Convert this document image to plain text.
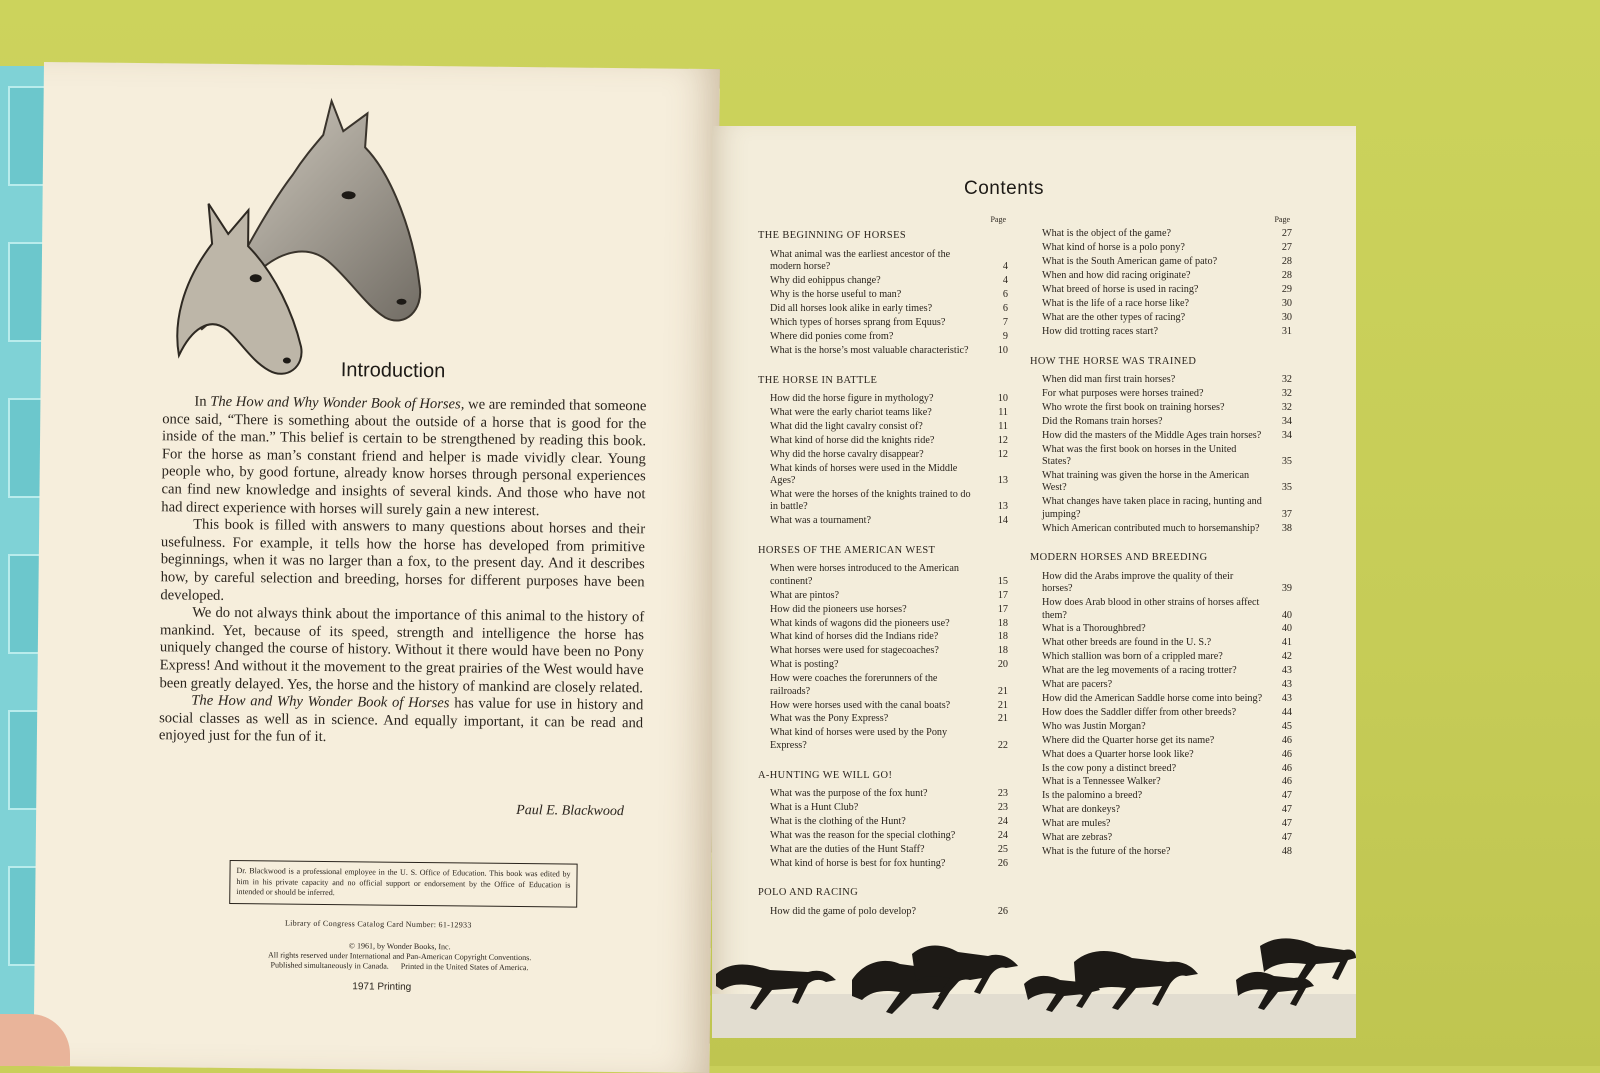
Introduction

In The How and Why Wonder Book of Horses, we are reminded that someone once said, “There is something about the outside of a horse that is good for the inside of the man.” This belief is certain to be strengthened by reading this book. For the horse as man’s constant friend and helper is made vividly clear. Young people who, by good fortune, already know horses through personal experiences can find new knowledge and insights of several kinds. And those who have not had direct experience with horses will surely gain a new interest.

This book is filled with answers to many questions about horses and their usefulness. For example, it tells how the horse has developed from primitive beginnings, when it was no larger than a fox, to the present day. And it describes how, by careful selection and breeding, horses for different purposes have been developed.

We do not always think about the importance of this animal to the history of mankind. Yet, because of its speed, strength and intelligence the horse has uniquely changed the course of history. Without it there would have been no Pony Express! And without it the movement to the great prairies of the West would have been greatly delayed. Yes, the horse and the history of mankind are closely related.

The How and Why Wonder Book of Horses has value for use in history and social classes as well as in science. And equally important, it can be read and enjoyed just for the fun of it.

Paul E. Blackwood
Dr. Blackwood is a professional employee in the U. S. Office of Education. This book was edited by him in his private capacity and no official support or endorsement by the Office of Education is intended or should be inferred.
Library of Congress Catalog Card Number: 61-12933
© 1961, by Wonder Books, Inc.
All rights reserved under International and Pan-American Copyright Conventions.
Published simultaneously in Canada.      Printed in the United States of America.
1971 Printing
Contents
Page
THE BEGINNING OF HORSES
What animal was the earliest ancestor of the modern horse?	4
Why did eohippus change?	4
Why is the horse useful to man?	6
Did all horses look alike in early times?	6
Which types of horses sprang from Equus?	7
Where did ponies come from?	9
What is the horse’s most valuable characteristic?	10
THE HORSE IN BATTLE
How did the horse figure in mythology?	10
What were the early chariot teams like?	11
What did the light cavalry consist of?	11
What kind of horse did the knights ride?	12
Why did the horse cavalry disappear?	12
What kinds of horses were used in the Middle Ages?	13
What were the horses of the knights trained to do in battle?	13
What was a tournament?	14
HORSES OF THE AMERICAN WEST
When were horses introduced to the American continent?	15
What are pintos?	17
How did the pioneers use horses?	17
What kinds of wagons did the pioneers use?	18
What kind of horses did the Indians ride?	18
What horses were used for stagecoaches?	18
What is posting?	20
How were coaches the forerunners of the railroads?	21
How were horses used with the canal boats?	21
What was the Pony Express?	21
What kind of horses were used by the Pony Express?	22
A-HUNTING WE WILL GO!
What was the purpose of the fox hunt?	23
What is a Hunt Club?	23
What is the clothing of the Hunt?	24
What was the reason for the special clothing?	24
What are the duties of the Hunt Staff?	25
What kind of horse is best for fox hunting?	26
POLO AND RACING
How did the game of polo develop?	26
Page
What is the object of the game?	27
What kind of horse is a polo pony?	27
What is the South American game of pato?	28
When and how did racing originate?	28
What breed of horse is used in racing?	29
What is the life of a race horse like?	30
What are the other types of racing?	30
How did trotting races start?	31
HOW THE HORSE WAS TRAINED
When did man first train horses?	32
For what purposes were horses trained?	32
Who wrote the first book on training horses?	32
Did the Romans train horses?	34
How did the masters of the Middle Ages train horses?	34
What was the first book on horses in the United States?	35
What training was given the horse in the American West?	35
What changes have taken place in racing, hunting and jumping?	37
Which American contributed much to horsemanship?	38
MODERN HORSES AND BREEDING
How did the Arabs improve the quality of their horses?	39
How does Arab blood in other strains of horses affect them?	40
What is a Thoroughbred?	40
What other breeds are found in the U. S.?	41
Which stallion was born of a crippled mare?	42
What are the leg movements of a racing trotter?	43
What are pacers?	43
How did the American Saddle horse come into being?	43
How does the Saddler differ from other breeds?	44
Who was Justin Morgan?	45
Where did the Quarter horse get its name?	46
What does a Quarter horse look like?	46
Is the cow pony a distinct breed?	46
What is a Tennessee Walker?	46
Is the palomino a breed?	47
What are donkeys?	47
What are mules?	47
What are zebras?	47
What is the future of the horse?	48
